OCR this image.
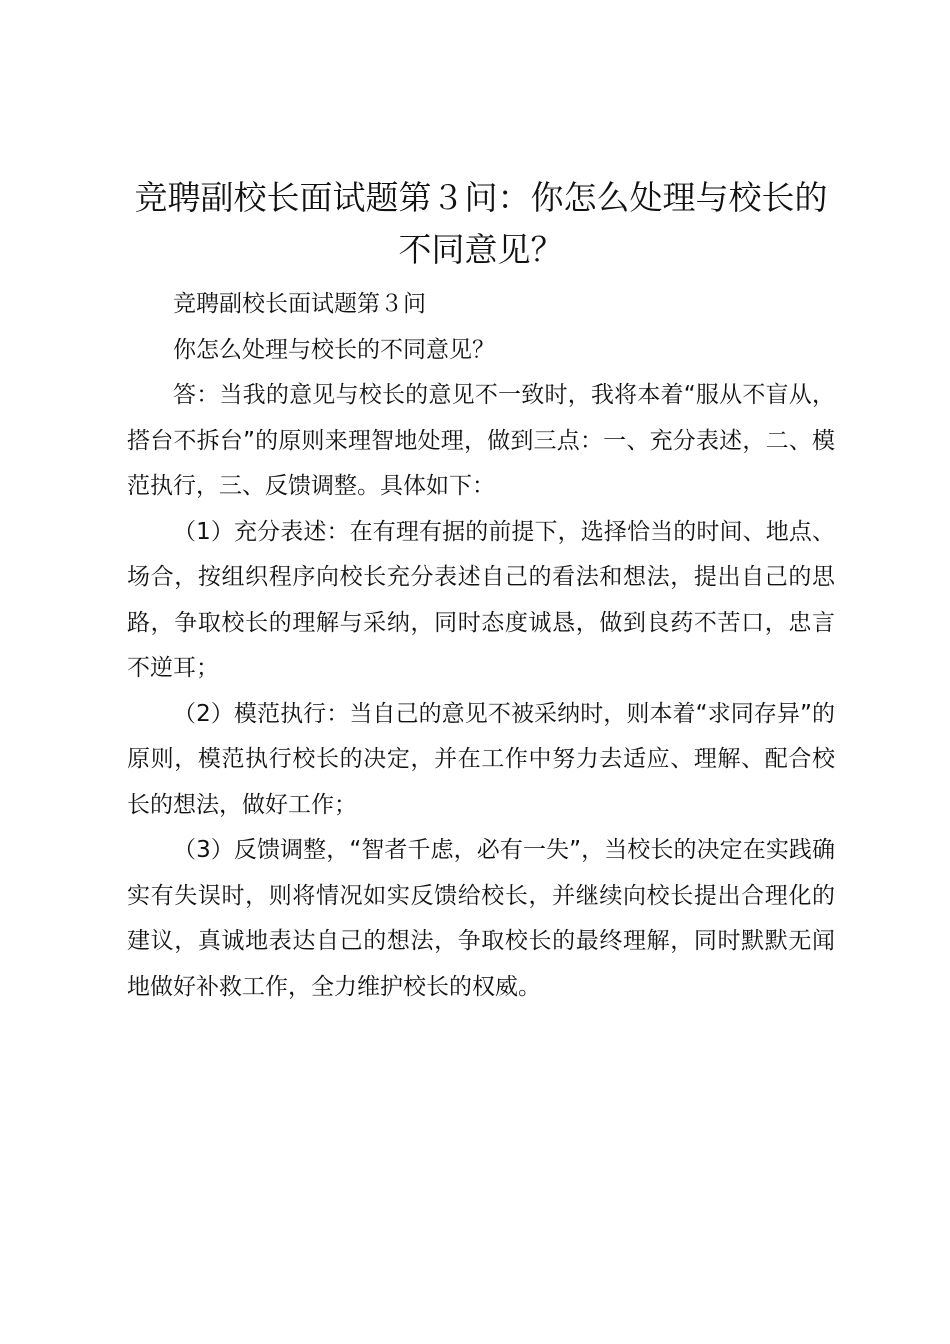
竞聘副校长面试题第３问：你怎么处理与校长的不同意见？

竞聘副校长面试题第３问

你怎么处理与校长的不同意见？

答：当我的意见与校长的意见不一致时，我将本着“服从不盲从，搭台不拆台”的原则来理智地处理，做到三点：一、充分表述，二、模范执行，三、反馈调整。具体如下：

（1）充分表述：在有理有据的前提下，选择恰当的时间、地点、场合，按组织程序向校长充分表述自己的看法和想法，提出自己的思路，争取校长的理解与采纳，同时态度诚恳，做到良药不苦口，忠言不逆耳；

（2）模范执行：当自己的意见不被采纳时，则本着“求同存异”的原则，模范执行校长的决定，并在工作中努力去适应、理解、配合校长的想法，做好工作；

（3）反馈调整，“智者千虑，必有一失”，当校长的决定在实践确实有失误时，则将情况如实反馈给校长，并继续向校长提出合理化的建议，真诚地表达自己的想法，争取校长的最终理解，同时默默无闻地做好补救工作，全力维护校长的权威。
